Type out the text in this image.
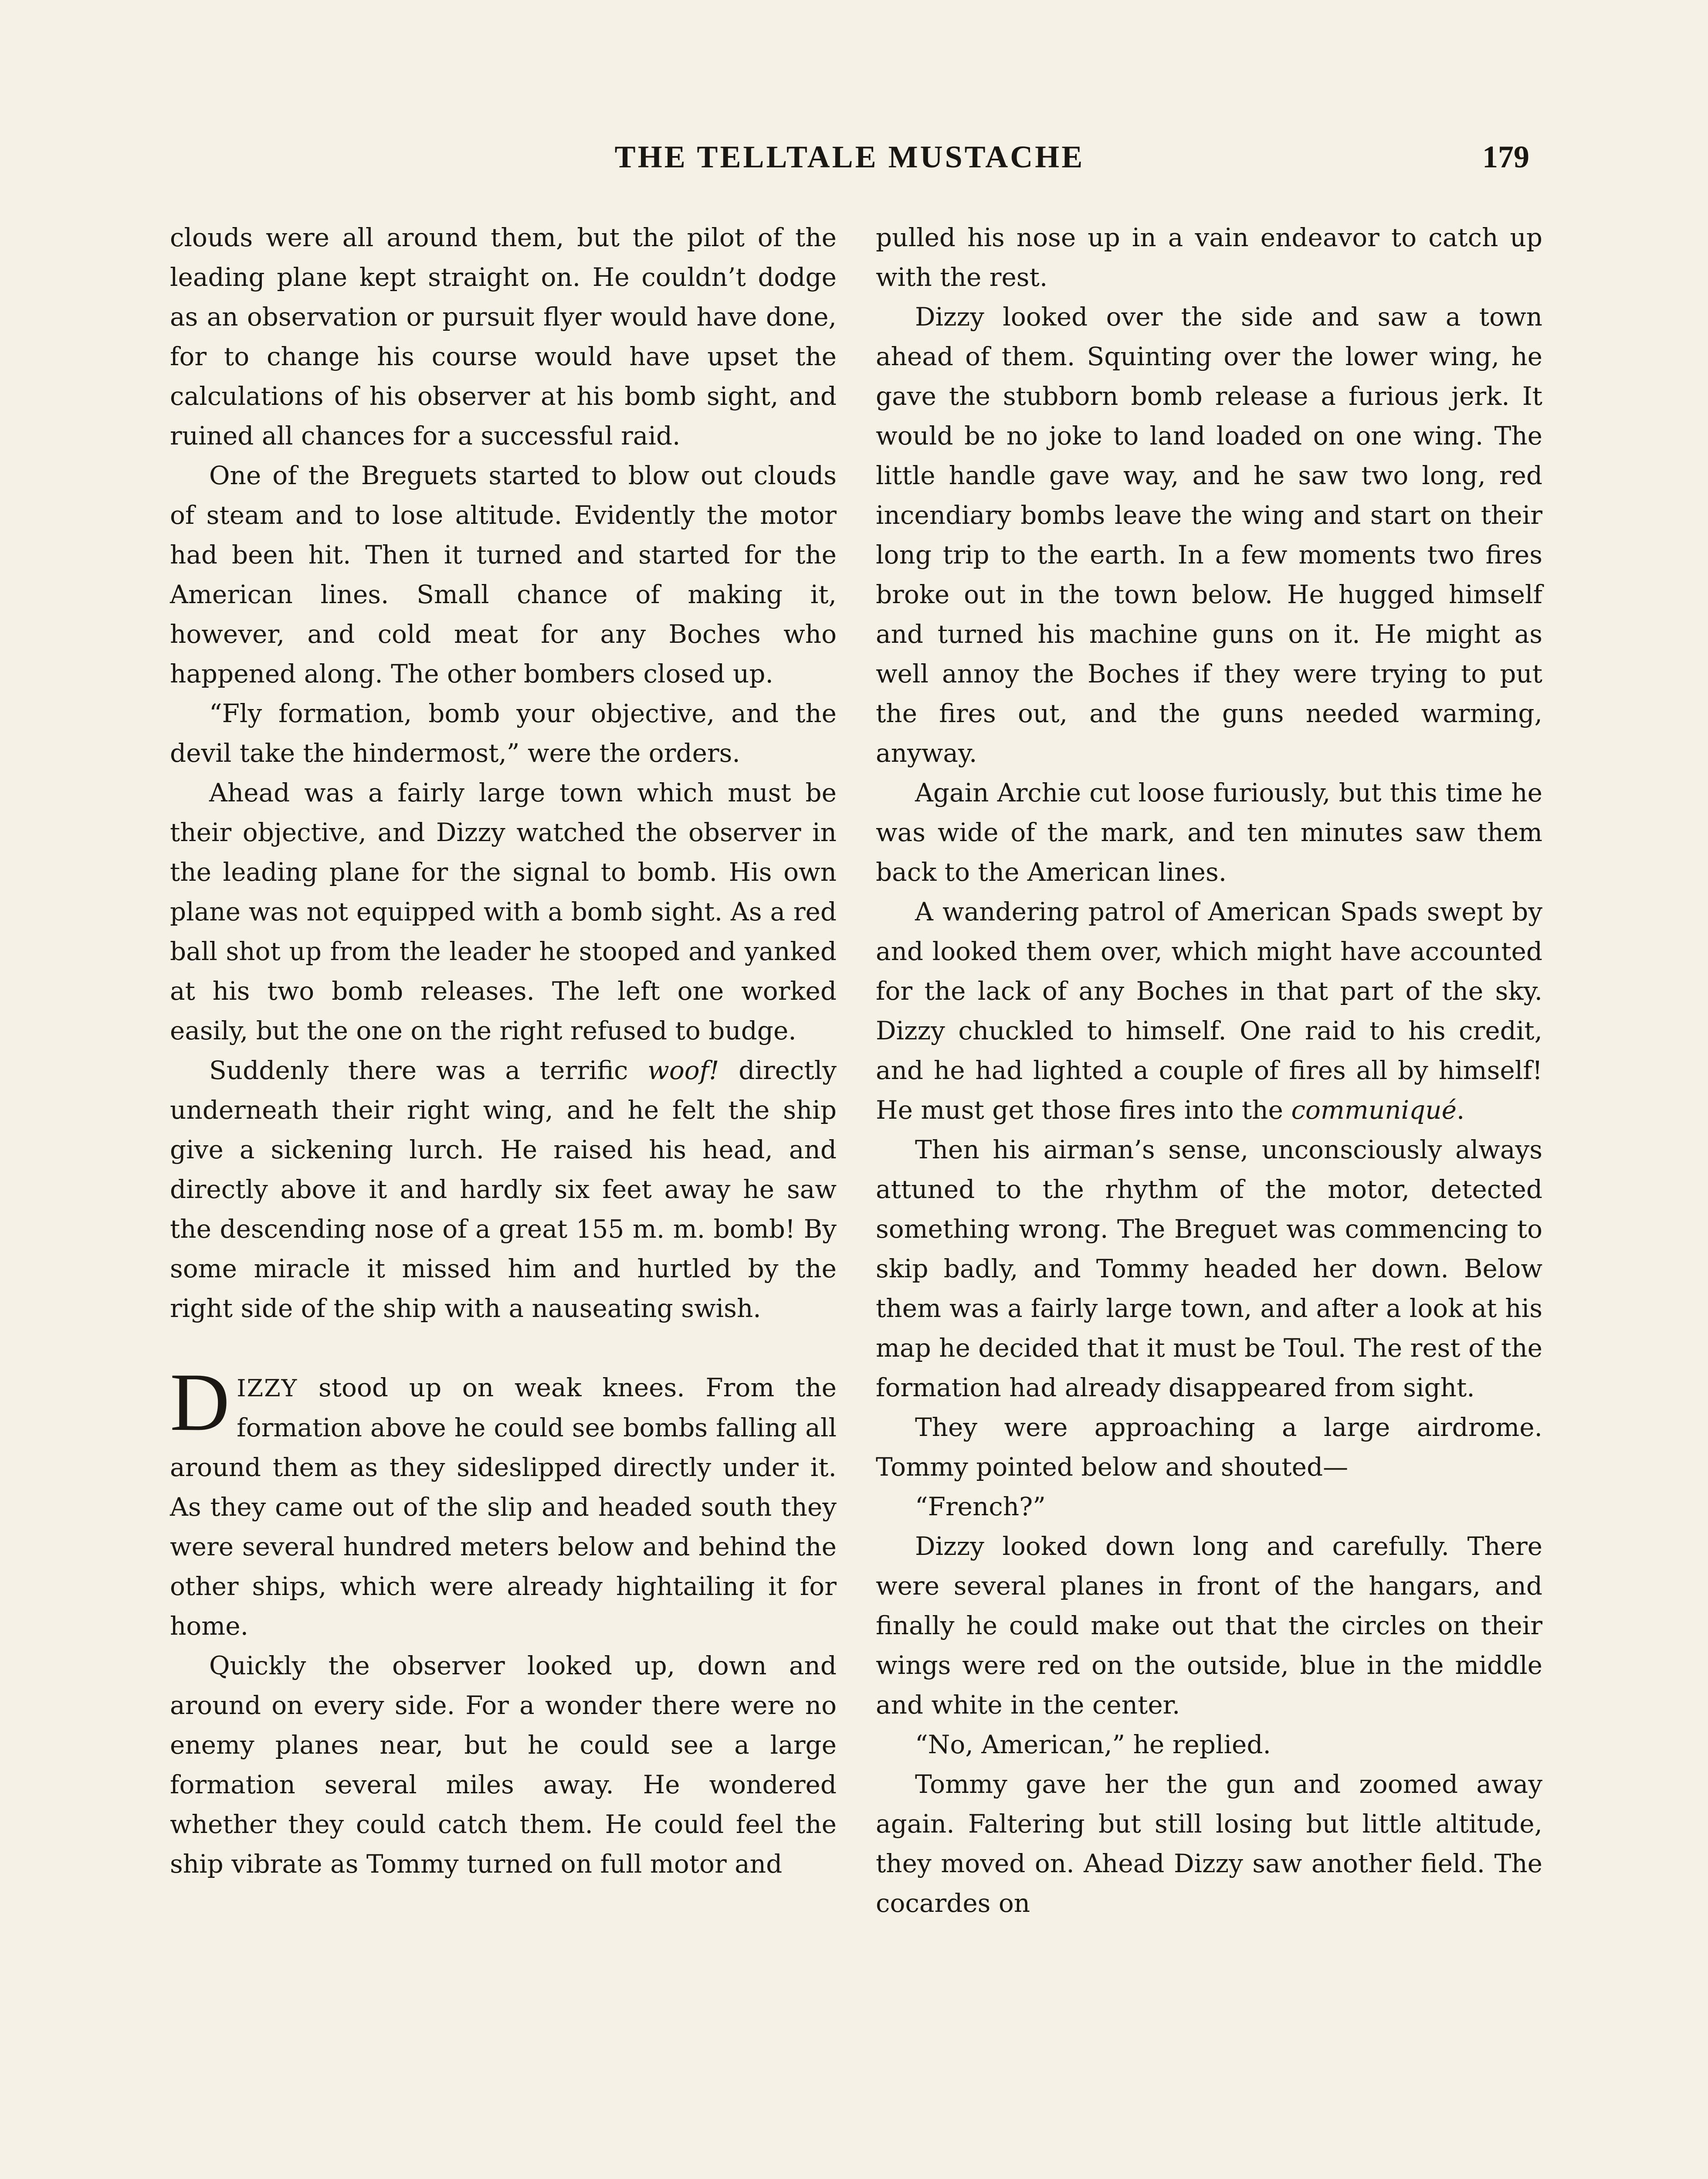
THE TELLTALE MUSTACHE	179

clouds were all around them, but the pilot of the leading plane kept straight on. He couldn’t dodge as an observation or pursuit flyer would have done, for to change his course would have upset the calculations of his observer at his bomb sight, and ruined all chances for a successful raid.

One of the Breguets started to blow out clouds of steam and to lose altitude. Evidently the motor had been hit. Then it turned and started for the American lines. Small chance of making it, however, and cold meat for any Boches who happened along. The other bombers closed up.

“Fly formation, bomb your objective, and the devil take the hindermost,” were the orders.

Ahead was a fairly large town which must be their objective, and Dizzy watched the observer in the leading plane for the signal to bomb. His own plane was not equipped with a bomb sight. As a red ball shot up from the leader he stooped and yanked at his two bomb releases. The left one worked easily, but the one on the right refused to budge.

Suddenly there was a terrific woof! directly underneath their right wing, and he felt the ship give a sickening lurch. He raised his head, and directly above it and hardly six feet away he saw the descending nose of a great 155 m. m. bomb! By some miracle it missed him and hurtled by the right side of the ship with a nauseating swish.

DIZZY stood up on weak knees. From the formation above he could see bombs falling all around them as they sideslipped directly under it. As they came out of the slip and headed south they were several hundred meters below and behind the other ships, which were already hightailing it for home.

Quickly the observer looked up, down and around on every side. For a wonder there were no enemy planes near, but he could see a large formation several miles away. He wondered whether they could catch them. He could feel the ship vibrate as Tommy turned on full motor and

pulled his nose up in a vain endeavor to catch up with the rest.

Dizzy looked over the side and saw a town ahead of them. Squinting over the lower wing, he gave the stubborn bomb release a furious jerk. It would be no joke to land loaded on one wing. The little handle gave way, and he saw two long, red incendiary bombs leave the wing and start on their long trip to the earth. In a few moments two fires broke out in the town below. He hugged himself and turned his machine guns on it. He might as well annoy the Boches if they were trying to put the fires out, and the guns needed warming, anyway.

Again Archie cut loose furiously, but this time he was wide of the mark, and ten minutes saw them back to the American lines.

A wandering patrol of American Spads swept by and looked them over, which might have accounted for the lack of any Boches in that part of the sky. Dizzy chuckled to himself. One raid to his credit, and he had lighted a couple of fires all by himself! He must get those fires into the communiqué.

Then his airman’s sense, unconsciously always attuned to the rhythm of the motor, detected something wrong. The Breguet was commencing to skip badly, and Tommy headed her down. Below them was a fairly large town, and after a look at his map he decided that it must be Toul. The rest of the formation had already disappeared from sight.

They were approaching a large airdrome. Tommy pointed below and shouted—

“French?”

Dizzy looked down long and carefully. There were several planes in front of the hangars, and finally he could make out that the circles on their wings were red on the outside, blue in the middle and white in the center.

“No, American,” he replied.

Tommy gave her the gun and zoomed away again. Faltering but still losing but little altitude, they moved on. Ahead Dizzy saw another field. The cocardes on
